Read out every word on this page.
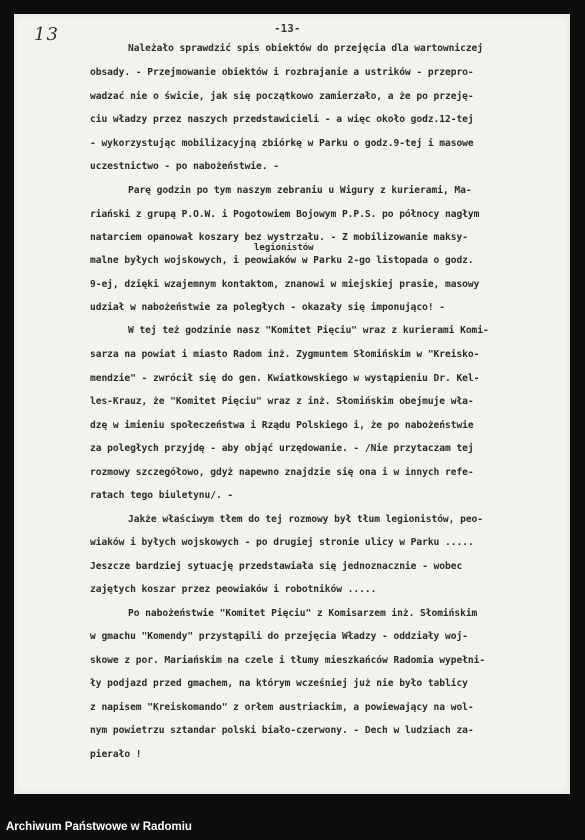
13	-13-
Należało sprawdzić spis obiektów do przejęcia dla wartowniczej
obsady. - Przejmowanie obiektów i rozbrajanie a ustrików - przepro-
wadzać nie o świcie, jak się początkowo zamierzało, a że po przeję-
ciu władzy przez naszych przedstawicieli - a więc około godz.12-tej
- wykorzystując mobilizacyjną zbiórkę w Parku o godz.9-tej i masowe
uczestnictwo - po nabożeństwie. -
Parę godzin po tym naszym zebraniu u Wigury z kurierami, Ma-
riański z grupą P.O.W. i Pogotowiem Bojowym P.P.S. po północy nagłym
natarciem opanował koszary bez wystrzału. - Z mobilizowanie maksy-
legionistów
malne byłych wojskowych, i peowiaków w Parku 2-go listopada o godz.
9-ej, dzięki wzajemnym kontaktom, znanowi w miejskiej prasie, masowy
udział w nabożeństwie za poległych - okazały się imponująco! -
W tej też godzinie nasz "Komitet Pięciu" wraz z kurierami Komi-
sarza na powiat i miasto Radom inż. Zygmuntem Słomińskim w "Kreisko-
mendzie" - zwrócił się do gen. Kwiatkowskiego w wystąpieniu Dr. Kel-
les-Krauz, że "Komitet Pięciu" wraz z inż. Słomińskim obejmuje wła-
dzę w imieniu społeczeństwa i Rządu Polskiego i, że po nabożeństwie
za poległych przyjdę - aby objąć urzędowanie. - /Nie przytaczam tej
rozmowy szczegółowo, gdyż napewno znajdzie się ona i w innych refe-
ratach tego biuletynu/. -
Jakże właściwym tłem do tej rozmowy był tłum legionistów, peo-
wiaków i byłych wojskowych - po drugiej stronie ulicy w Parku .....
Jeszcze bardziej sytuację przedstawiała się jednoznacznie - wobec
zajętych koszar przez peowiaków i robotników .....
Po nabożeństwie "Komitet Pięciu" z Komisarzem inż. Słomińskim
w gmachu "Komendy" przystąpili do przejęcia Władzy - oddziały woj-
skowe z por. Mariańskim na czele i tłumy mieszkańców Radomia wypełni-
ły podjazd przed gmachem, na którym wcześniej już nie było tablicy
z napisem "Kreiskomando" z orłem austriackim, a powiewający na wol-
nym powietrzu sztandar polski biało-czerwony. - Dech w ludziach za-
pierało !
Archiwum Państwowe w Radomiu
